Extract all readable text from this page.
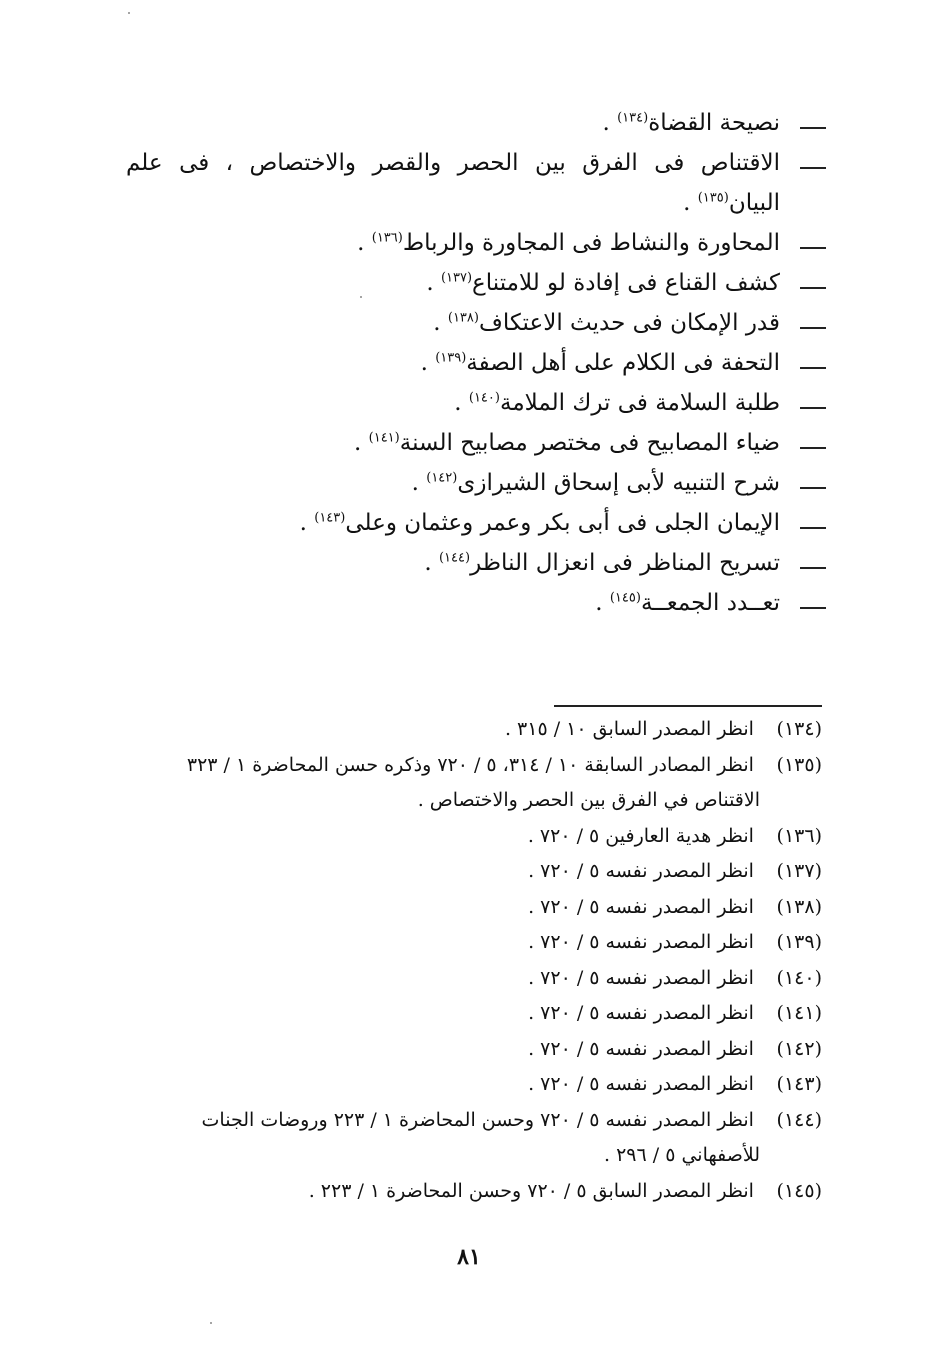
نصيحة القضاة$^{(١٣٤)}$ .
الاقتناص فى الفرق بين الحصر والقصر والاختصاص ، فى علم البيان$^{(١٣٥)}$ .
المحاورة والنشاط فى المجاورة والرباط$^{(١٣٦)}$ .
كشف القناع فى إفادة لو للامتناع$^{(١٣٧)}$ .
قدر الإمكان فى حديث الاعتكاف$^{(١٣٨)}$ .
التحفة فى الكلام على أهل الصفة$^{(١٣٩)}$ .
طلبة السلامة فى ترك الملامة$^{(١٤٠)}$ .
ضياء المصابيح فى مختصر مصابيح السنة$^{(١٤١)}$ .
شرح التنبيه لأبى إسحاق الشيرازى$^{(١٤٢)}$ .
الإيمان الجلى فى أبى بكر وعمر وعثمان وعلى$^{(١٤٣)}$ .
تسريح المناظر فى انعزال الناظر$^{(١٤٤)}$ .
تعــدد الجمعــة$^{(١٤٥)}$ .
(١٣٤) انظر المصدر السابق ١٠ / ٣١٥ .
(١٣٥) انظر المصادر السابقة ١٠ / ٣١٤، ٥ / ٧٢٠ وذكره حسن المحاضرة ١ / ٣٢٣
الاقتناص في الفرق بين الحصر والاختصاص .
(١٣٦) انظر هدية العارفين ٥ / ٧٢٠ .
(١٣٧) انظر المصدر نفسه ٥ / ٧٢٠ .
(١٣٨) انظر المصدر نفسه ٥ / ٧٢٠ .
(١٣٩) انظر المصدر نفسه ٥ / ٧٢٠ .
(١٤٠) انظر المصدر نفسه ٥ / ٧٢٠ .
(١٤١) انظر المصدر نفسه ٥ / ٧٢٠ .
(١٤٢) انظر المصدر نفسه ٥ / ٧٢٠ .
(١٤٣) انظر المصدر نفسه ٥ / ٧٢٠ .
(١٤٤) انظر المصدر نفسه ٥ / ٧٢٠ وحسن المحاضرة ١ / ٢٢٣ وروضات الجنات
للأصفهاني ٥ / ٢٩٦ .
(١٤٥) انظر المصدر السابق ٥ / ٧٢٠ وحسن المحاضرة ١ / ٢٢٣ .
٨١
